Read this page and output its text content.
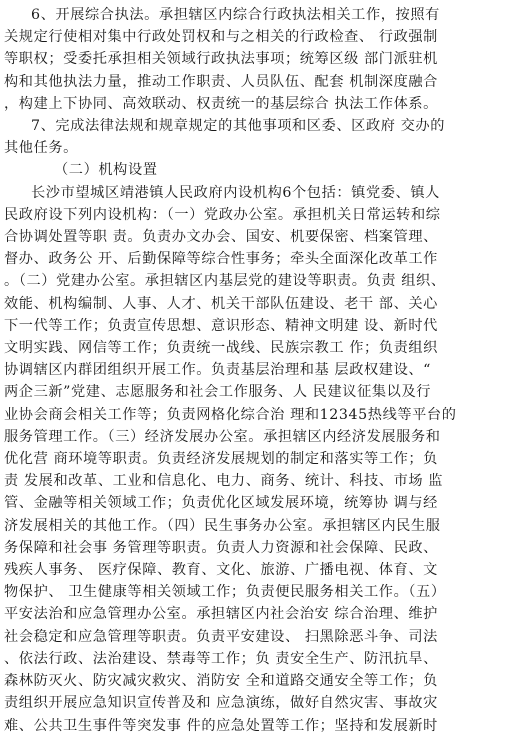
6、开展综合执法。承担辖区内综合行政执法相关工作，按照有
关规定行使相对集中行政处罚权和与之相关的行政检查、 行政强制
等职权；受委托承担相关领域行政执法事项；统筹区级 部门派驻机
构和其他执法力量，推动工作职责、人员队伍、配套 机制深度融合
，构建上下协同、高效联动、权责统一的基层综合 执法工作体系。
7、完成法律法规和规章规定的其他事项和区委、区政府 交办的
其他任务。
（二）机构设置
长沙市望城区靖港镇人民政府内设机构6个包括：镇党委、镇人
民政府设下列内设机构：（一）党政办公室。承担机关日常运转和综
合协调处置等职 责。负责办文办会、国安、机要保密、档案管理、
督办、政务公 开、后勤保障等综合性事务；牵头全面深化改革工作
。（二）党建办公室。承担辖区内基层党的建设等职责。负责 组织、
效能、机构编制、人事、人才、机关干部队伍建设、老干 部、关心
下一代等工作；负责宣传思想、意识形态、精神文明建 设、新时代
文明实践、网信等工作；负责统一战线、民族宗教工 作；负责组织
协调辖区内群团组织开展工作。负责基层治理和基 层政权建设、“
两企三新”党建、志愿服务和社会工作服务、人 民建议征集以及行
业协会商会相关工作等；负责网格化综合治 理和12345热线等平台的
服务管理工作。（三）经济发展办公室。承担辖区内经济发展服务和
优化营 商环境等职责。负责经济发展规划的制定和落实等工作；负
责 发展和改革、工业和信息化、电力、商务、统计、科技、市场 监
管、金融等相关领域工作；负责优化区域发展环境，统筹协 调与经
济发展相关的其他工作。（四）民生事务办公室。承担辖区内民生服
务保障和社会事 务管理等职责。负责人力资源和社会保障、民政、
残疾人事务、 医疗保障、教育、文化、旅游、广播电视、体育、文
物保护、 卫生健康等相关领域工作；负责便民服务相关工作。（五）
平安法治和应急管理办公室。承担辖区内社会治安 综合治理、维护
社会稳定和应急管理等职责。负责平安建设、 扫黑除恶斗争、司法
、依法行政、法治建设、禁毒等工作；负 责安全生产、防汛抗旱、
森林防灭火、防灾减灾救灾、消防安 全和道路交通安全等工作；负
责组织开展应急知识宣传普及和 应急演练，做好自然灾害、事故灾
难、公共卫生事件等突发事 件的应急处置等工作；坚持和发展新时
